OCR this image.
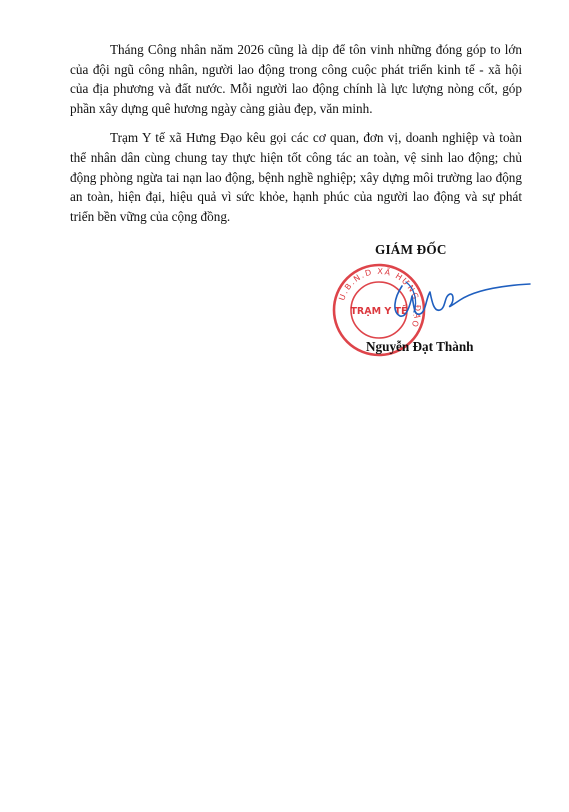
Tháng Công nhân năm 2026 cũng là dịp để tôn vinh những đóng góp to lớn của đội ngũ công nhân, người lao động trong công cuộc phát triển kinh tế - xã hội của địa phương và đất nước. Mỗi người lao động chính là lực lượng nòng cốt, góp phần xây dựng quê hương ngày càng giàu đẹp, văn minh.

Trạm Y tế xã Hưng Đạo kêu gọi các cơ quan, đơn vị, doanh nghiệp và toàn thể nhân dân cùng chung tay thực hiện tốt công tác an toàn, vệ sinh lao động; chủ động phòng ngừa tai nạn lao động, bệnh nghề nghiệp; xây dựng môi trường lao động an toàn, hiện đại, hiệu quả vì sức khỏe, hạnh phúc của người lao động và sự phát triển bền vững của cộng đồng.

GIÁM ĐỐC
U.B.N.D XÃ HƯNG ĐẠO
TRẠM Y TẾ
Nguyễn Đạt Thành
